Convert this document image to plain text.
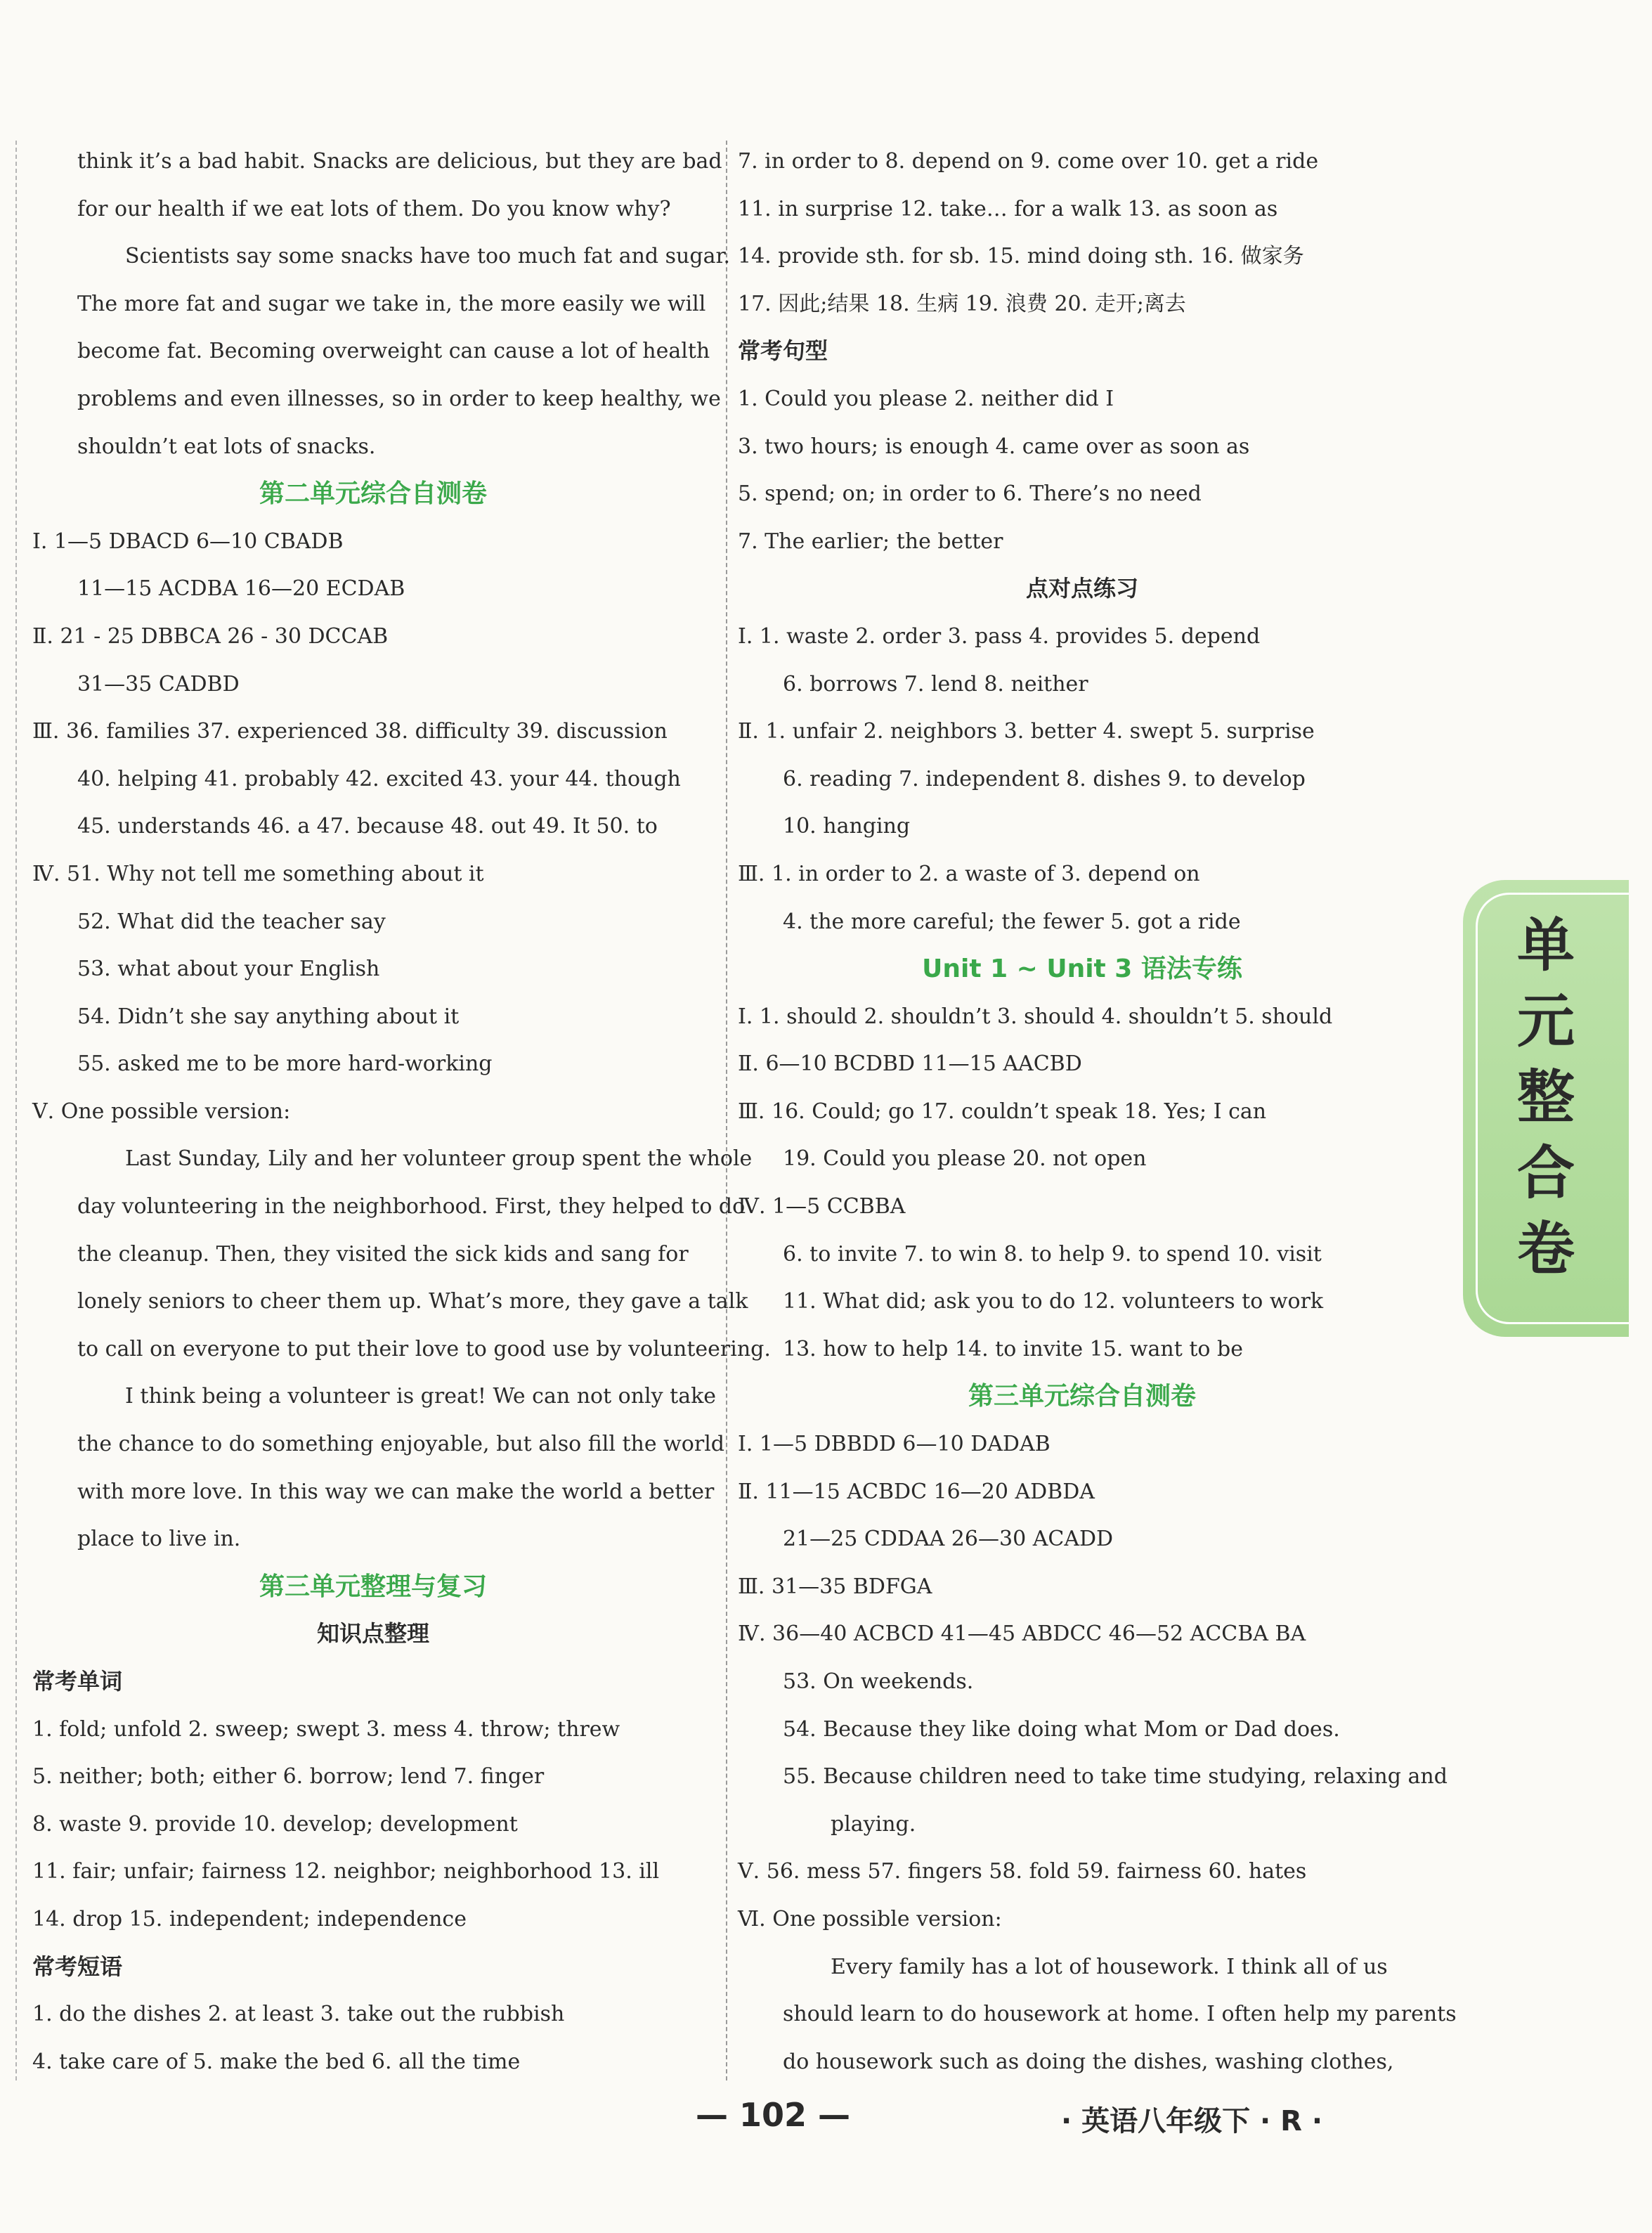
think it’s a bad habit. Snacks are delicious, but they are bad
for our health if we eat lots of them. Do you know why?
Scientists say some snacks have too much fat and sugar.
The more fat and sugar we take in, the more easily we will
become fat. Becoming overweight can cause a lot of health
problems and even illnesses, so in order to keep healthy, we
shouldn’t eat lots of snacks.
第二单元综合自测卷
Ⅰ. 1—5 DBACD 6—10 CBADB
11—15 ACDBA 16—20 ECDAB
Ⅱ. 21 - 25 DBBCA 26 - 30 DCCAB
31—35 CADBD
Ⅲ. 36. families 37. experienced 38. difficulty 39. discussion
40. helping 41. probably 42. excited 43. your 44. though
45. understands 46. a 47. because 48. out 49. It 50. to
Ⅳ. 51. Why not tell me something about it
52. What did the teacher say
53. what about your English
54. Didn’t she say anything about it
55. asked me to be more hard-working
Ⅴ. One possible version:
Last Sunday, Lily and her volunteer group spent the whole
day volunteering in the neighborhood. First, they helped to do
the cleanup. Then, they visited the sick kids and sang for
lonely seniors to cheer them up. What’s more, they gave a talk
to call on everyone to put their love to good use by volunteering.
I think being a volunteer is great! We can not only take
the chance to do something enjoyable, but also fill the world
with more love. In this way we can make the world a better
place to live in.
第三单元整理与复习
知识点整理
常考单词
1. fold; unfold 2. sweep; swept 3. mess 4. throw; threw
5. neither; both; either 6. borrow; lend 7. finger
8. waste 9. provide 10. develop; development
11. fair; unfair; fairness 12. neighbor; neighborhood 13. ill
14. drop 15. independent; independence
常考短语
1. do the dishes 2. at least 3. take out the rubbish
4. take care of 5. make the bed 6. all the time
7. in order to 8. depend on 9. come over 10. get a ride
11. in surprise 12. take… for a walk 13. as soon as
14. provide sth. for sb. 15. mind doing sth. 16. 做家务
17. 因此;结果 18. 生病 19. 浪费 20. 走开;离去
常考句型
1. Could you please 2. neither did I
3. two hours; is enough 4. came over as soon as
5. spend; on; in order to 6. There’s no need
7. The earlier; the better
点对点练习
Ⅰ. 1. waste 2. order 3. pass 4. provides 5. depend
6. borrows 7. lend 8. neither
Ⅱ. 1. unfair 2. neighbors 3. better 4. swept 5. surprise
6. reading 7. independent 8. dishes 9. to develop
10. hanging
Ⅲ. 1. in order to 2. a waste of 3. depend on
4. the more careful; the fewer 5. got a ride
Unit 1 ~ Unit 3 语法专练
Ⅰ. 1. should 2. shouldn’t 3. should 4. shouldn’t 5. should
Ⅱ. 6—10 BCDBD 11—15 AACBD
Ⅲ. 16. Could; go 17. couldn’t speak 18. Yes; I can
19. Could you please 20. not open
Ⅳ. 1—5 CCBBA
6. to invite 7. to win 8. to help 9. to spend 10. visit
11. What did; ask you to do 12. volunteers to work
13. how to help 14. to invite 15. want to be
第三单元综合自测卷
Ⅰ. 1—5 DBBDD 6—10 DADAB
Ⅱ. 11—15 ACBDC 16—20 ADBDA
21—25 CDDAA 26—30 ACADD
Ⅲ. 31—35 BDFGA
Ⅳ. 36—40 ACBCD 41—45 ABDCC 46—52 ACCBA BA
53. On weekends.
54. Because they like doing what Mom or Dad does.
55. Because children need to take time studying, relaxing and
playing.
Ⅴ. 56. mess 57. fingers 58. fold 59. fairness 60. hates
Ⅵ. One possible version:
Every family has a lot of housework. I think all of us
should learn to do housework at home. I often help my parents
do housework such as doing the dishes, washing clothes,
单
元
整
合
卷
— 102 —	· 英语八年级下 · R ·
